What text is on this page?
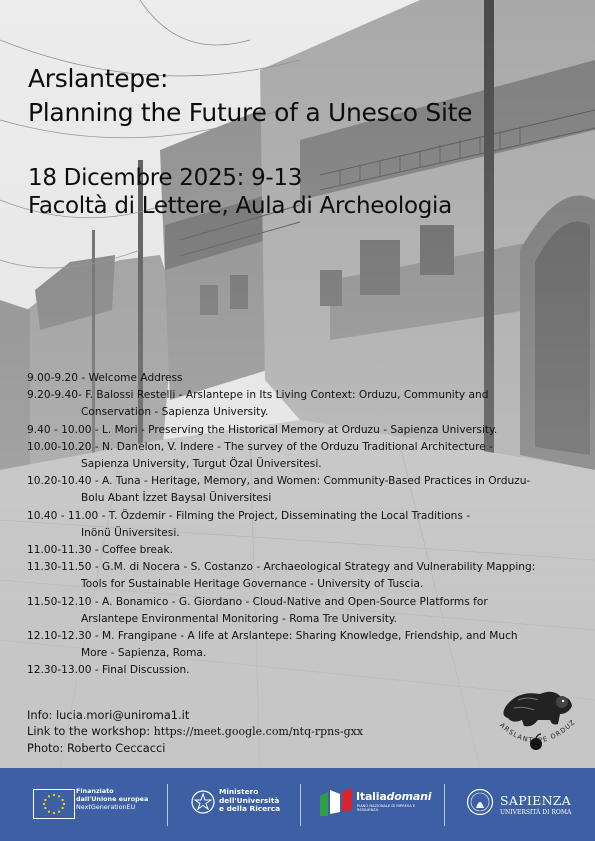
Arslantepe:
Planning the Future of a Unesco Site
18 Dicembre 2025: 9-13
Facoltà di Lettere, Aula di Archeologia
9.00-9.20 - Welcome Address
9.20-9.40- F. Balossi Restelli - Arslantepe in Its Living Context: Orduzu, Community and
Conservation - Sapienza University.
9.40 - 10.00 - L. Mori - Preserving the Historical Memory at Orduzu - Sapienza University.
10.00-10.20 - N. Danelon, V. Indere - The survey of the Orduzu Traditional Architecture -
Sapienza University, Turgut Özal Üniversitesi.
10.20-10.40 - A. Tuna - Heritage, Memory, and Women: Community-Based Practices in Orduzu-
Bolu Abant İzzet Baysal Üniversitesi
10.40 - 11.00 - T. Özdemir - Filming the Project, Disseminating the Local Traditions -
Inönü Üniversitesi.
11.00-11.30 - Coffee break.
11.30-11.50 - G.M. di Nocera - S. Costanzo - Archaeological Strategy and Vulnerability Mapping:
Tools for Sustainable Heritage Governance - University of Tuscia.
11.50-12.10 - A. Bonamico - G. Giordano - Cloud-Native and Open-Source Platforms for
Arslantepe Environmental Monitoring - Roma Tre University.
12.10-12.30 - M. Frangipane - A life at Arslantepe: Sharing Knowledge, Friendship, and Much
More - Sapienza, Roma.
12.30-13.00 - Final Discussion.
Info: lucia.mori@uniroma1.it
Link to the workshop: https://meet.google.com/ntq-rpns-gxx
Photo: Roberto Ceccacci
ARSLANTEPE ORDUZ
Finanziato
dall'Unione europea
NextGenerationEU
Ministero
dell'Università
e della Ricerca
Italiadomani
PIANO NAZIONALE DI RIPRESA E RESILIENZA
SAPIENZA
UNIVERSITÀ DI ROMA
